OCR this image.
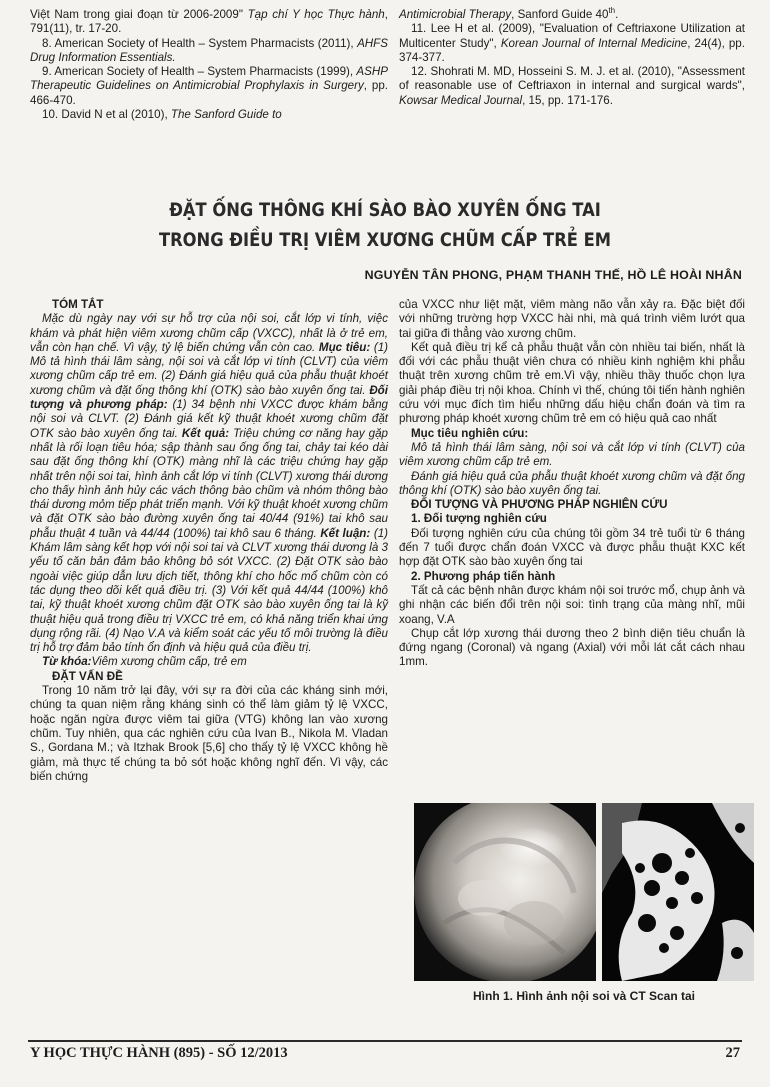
Việt Nam trong giai đoạn từ 2006-2009" Tạp chí Y học Thực hành, 791(11), tr. 17-20.

8. American Society of Health – System Pharmacists (2011), AHFS Drug Information Essentials.

9. American Society of Health – System Pharmacists (1999), ASHP Therapeutic Guidelines on Antimicrobial Prophylaxis in Surgery, pp. 466-470.

10. David N et al (2010), The Sanford Guide to

Antimicrobial Therapy, Sanford Guide 40th.

11. Lee H et al. (2009), "Evaluation of Ceftriaxone Utilization at Multicenter Study", Korean Journal of Internal Medicine, 24(4), pp. 374-377.

12. Shohrati M. MD, Hosseini S. M. J. et al. (2010), "Assessment of reasonable use of Ceftriaxon in internal and surgical wards", Kowsar Medical Journal, 15, pp. 171-176.

ĐẶT ỐNG THÔNG KHÍ SÀO BÀO XUYÊN ỐNG TAI
TRONG ĐIỀU TRỊ VIÊM XƯƠNG CHŨM CẤP TRẺ EM
NGUYỄN TÂN PHONG, PHẠM THANH THẾ, HỒ LÊ HOÀI NHÂN

TÓM TẮT

Mặc dù ngày nay với sự hỗ trợ của nội soi, cắt lớp vi tính, việc khám và phát hiện viêm xương chũm cấp (VXCC), nhất là ở trẻ em, vẫn còn hạn chế. Vì vậy, tỷ lệ biến chứng vẫn còn cao. Mục tiêu: (1) Mô tả hình thái lâm sàng, nội soi và cắt lớp vi tính (CLVT) của viêm xương chũm cấp trẻ em. (2) Đánh giá hiệu quả của phẫu thuật khoét xương chũm và đặt ống thông khí (OTK) sào bào xuyên ống tai. Đối tượng và phương pháp: (1) 34 bệnh nhi VXCC được khám bằng nội soi và CLVT. (2) Đánh giá kết kỹ thuật khoét xương chũm đặt OTK sào bào xuyên ống tai. Kết quả: Triệu chứng cơ năng hay gặp nhất là rối loạn tiêu hóa; sập thành sau ống ống tai, chảy tai kéo dài sau đặt ống thông khí (OTK) màng nhĩ là các triệu chứng hay gặp nhất trên nội soi tai, hình ảnh cắt lớp vi tính (CLVT) xương thái dương cho thấy hình ảnh hủy các vách thông bào chũm và nhóm thông bào thái dương mỏm tiếp phát triển mạnh. Với kỹ thuật khoét xương chũm và đặt OTK sào bào đường xuyên ống tai 40/44 (91%) tai khô sau phẫu thuật 4 tuần và 44/44 (100%) tai khô sau 6 tháng. Kết luận: (1) Khám lâm sàng kết hợp với nội soi tai và CLVT xương thái dương là 3 yếu tố căn bản đảm bảo không bỏ sót VXCC. (2) Đặt OTK sào bào ngoài việc giúp dẫn lưu dịch tiết, thông khí cho hốc mổ chũm còn có tác dụng theo dõi kết quả điều trị. (3) Với kết quả 44/44 (100%) khô tai, kỹ thuật khoét xương chũm đặt OTK sào bào xuyên ống tai là kỹ thuật hiệu quả trong điều trị VXCC trẻ em, có khả năng triển khai ứng dụng rộng rãi. (4) Nạo V.A và kiểm soát các yếu tố môi trường là điều trị hỗ trợ đảm bảo tính ổn định và hiệu quả của điều trị.

Từ khóa:Viêm xương chũm cấp, trẻ em

ĐẶT VẤN ĐỀ

Trong 10 năm trở lại đây, với sự ra đời của các kháng sinh mới, chúng ta quan niệm rằng kháng sinh có thể làm giảm tỷ lệ VXCC, hoặc ngăn ngừa được viêm tai giữa (VTG) không lan vào xương chũm. Tuy nhiên, qua các nghiên cứu của Ivan B., Nikola M. Vladan S., Gordana M.; và Itzhak Brook [5,6] cho thấy tỷ lệ VXCC không hề giảm, mà thực tế chúng ta bỏ sót hoặc không nghĩ đến. Vì vậy, các biến chứng

của VXCC như liệt mặt, viêm màng não vẫn xảy ra. Đặc biệt đối với những trường hợp VXCC hài nhi, mà quá trình viêm lướt qua tai giữa đi thẳng vào xương chũm.

Kết quả điều trị kể cả phẫu thuật vẫn còn nhiều tai biến, nhất là đối với các phẫu thuật viên chưa có nhiều kinh nghiệm khi phẫu thuật trên xương chũm trẻ em.Vì vậy, nhiều thầy thuốc chọn lựa giải pháp điều trị nội khoa. Chính vì thế, chúng tôi tiến hành nghiên cứu với mục đích tìm hiểu những dấu hiệu chẩn đoán và tìm ra phương pháp khoét xương chũm trẻ em có hiệu quả cao nhất

Mục tiêu nghiên cứu:

Mô tả hình thái lâm sàng, nội soi và cắt lớp vi tính (CLVT) của viêm xương chũm cấp trẻ em.

Đánh giá hiệu quả của phẫu thuật khoét xương chũm và đặt ống thông khí (OTK) sào bào xuyên ống tai.

ĐỐI TƯỢNG VÀ PHƯƠNG PHÁP NGHIÊN CỨU

1. Đối tượng nghiên cứu

Đối tượng nghiên cứu của chúng tôi gồm 34 trẻ tuổi từ 6 tháng đến 7 tuổi được chẩn đoán VXCC và được phẫu thuật KXC kết hợp đặt OTK sào bào xuyên ống tai

2. Phương pháp tiến hành

Tất cả các bệnh nhân được khám nội soi trước mổ, chụp ảnh và ghi nhận các biến đổi trên nội soi: tình trạng của màng nhĩ, mũi xoang, V.A

Chụp cắt lớp xương thái dương theo 2 bình diện tiêu chuẩn là đứng ngang (Coronal) và ngang (Axial) với mỗi lát cắt cách nhau 1mm.

Hình 1. Hình ảnh nội soi và CT Scan tai
Y HỌC THỰC HÀNH (895) - SỐ 12/2013	27
